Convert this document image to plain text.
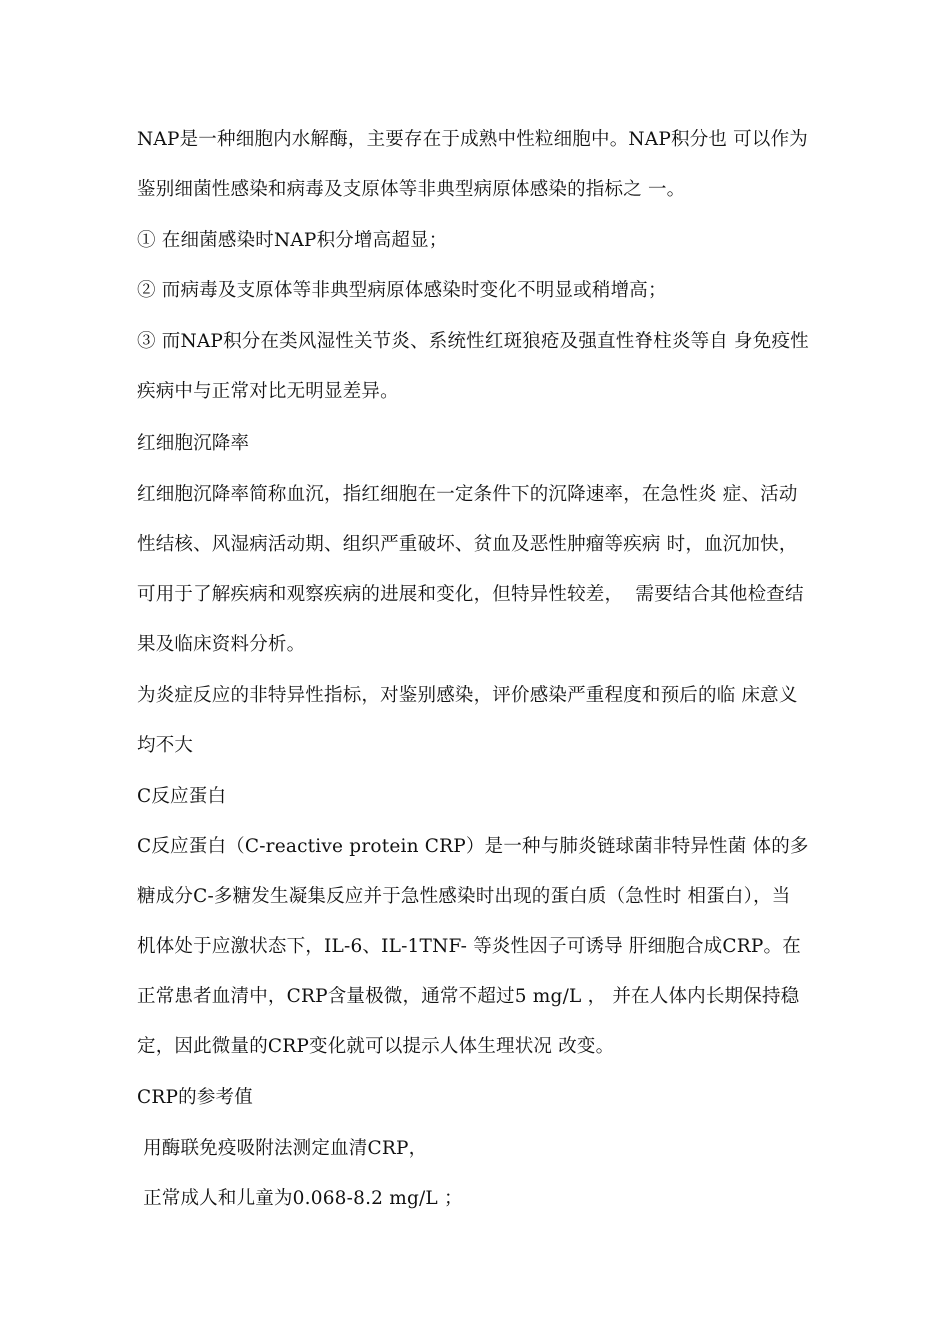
NAP是一种细胞内水解酶，主要存在于成熟中性粒细胞中。NAP积分也 可以作为

鉴别细菌性感染和病毒及支原体等非典型病原体感染的指标之 一。

① 在细菌感染时NAP积分增高超显；

② 而病毒及支原体等非典型病原体感染时变化不明显或稍增高；

③ 而NAP积分在类风湿性关节炎、系统性红斑狼疮及强直性脊柱炎等自 身免疫性

疾病中与正常对比无明显差异。

红细胞沉降率

红细胞沉降率简称血沉，指红细胞在一定条件下的沉降速率，在急性炎 症、活动

性结核、风湿病活动期、组织严重破坏、贫血及恶性肿瘤等疾病 时，血沉加快，

可用于了解疾病和观察疾病的进展和变化，但特异性较差，  需要结合其他检查结

果及临床资料分析。

为炎症反应的非特异性指标，对鉴别感染，评价感染严重程度和预后的临 床意义

均不大

C反应蛋白

C反应蛋白（C-reactive protein CRP）是一种与肺炎链球菌非特异性菌 体的多

糖成分C-多糖发生凝集反应并于急性感染时出现的蛋白质（急性时 相蛋白），当

机体处于应激状态下，IL-6、IL-1TNF- 等炎性因子可诱导 肝细胞合成CRP。在

正常患者血清中，CRP含量极微，通常不超过5 mg/L ， 并在人体内长期保持稳

定，因此微量的CRP变化就可以提示人体生理状况 改变。

CRP的参考值

用酶联免疫吸附法测定血清CRP，

正常成人和儿童为0.068-8.2 mg/L ；
